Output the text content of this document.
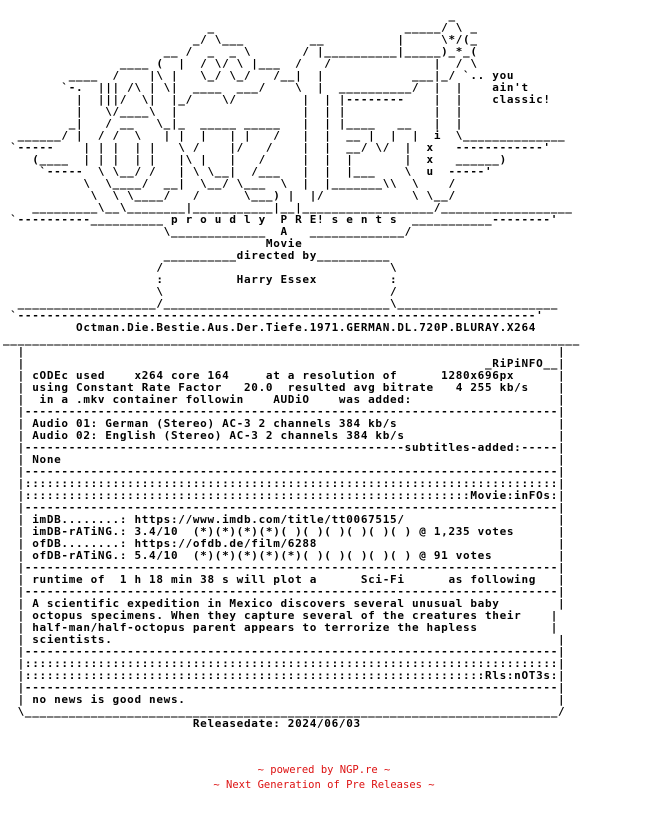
_
_                          _____/ \ _
_/ \___         __          |     \*/(_
__ /  _  _ \       / |__________|_____)_*_(
____ (  |  / \/ \ |___  /   /              |  / \
____  /    |\ |   \_/ \_/   /__|  |            ___|_/ `.. you
`-.  ||| /\ | \|  ____  ___/    \  |  __________/  |  |    ain't
|  |||/  \|  |_/    \/         |  | |--------    |  |    classic!
|   \/____\  |                 |  | |            |  |
_|   / __   \_|_  _____ _____   |  | |____   __   |  |
______/ |  / /  \   | |  |   | |   /   |  |  __ |  |  |  i  \______________
`-----    | | |  | |   \ /    |/   /    |  |  __/ \/  |  x   ------------'
(____  | | |  | |   |\ |   |   /     |  |  |       |  x   ______)
`-----  \ \__/ /   | \ \__|  /___   |  |  |___    \  u  -----'
\  \____/  __|  \__/ \___  \  |  |_______\\  \    /
\  \ \____/   /      \___) |  |/            \ \__/
_________\__\________|___________|__|__________________/__________________
`----------__________ p r o u d l y  P R E! s e n t s  ___________--------'
\_____________  A   _____________/
Movie
__________directed by__________
/                               \
:          Harry Essex          :
\                               /
___________________/_______________________________\______________________
`-----------------------------------------------------------------------'
Octman.Die.Bestie.Aus.Der.Tiefe.1971.GERMAN.DL.720P.BLURAY.X264
_______________________________________________________________________________
|                                                                         |
|                                                               _RiPiNFO__|
| cODEc used    x264 core 164     at a resolution of      1280x696px      |
| using Constant Rate Factor   20.0  resulted avg bitrate   4 255 kb/s    |
|  in a .mkv container followin    AUDiO    was added:                    |
|-------------------------------------------------------------------------|
| Audio 01: German (Stereo) AC-3 2 channels 384 kb/s                      |
| Audio 02: English (Stereo) AC-3 2 channels 384 kb/s                     |
|----------------------------------------------------subtitles-added:-----|
| None                                                                    |
|-------------------------------------------------------------------------|
|:::::::::::::::::::::::::::::::::::::::::::::::::::::::::::::::::::::::::|
|:::::::::::::::::::::::::::::::::::::::::::::::::::::::::::::Movie:inFOs:|
|-------------------------------------------------------------------------|
| imDB........: https://www.imdb.com/title/tt0067515/                     |
| imDB-rATiNG.: 3.4/10  (*)(*)(*)(*)( )( )( )( )( )( ) @ 1,235 votes      |
| ofDB........: https://ofdb.de/film/6288                                 |
| ofDB-rATiNG.: 5.4/10  (*)(*)(*)(*)(*)( )( )( )( )( ) @ 91 votes         |
|-------------------------------------------------------------------------|
| runtime of  1 h 18 min 38 s will plot a      Sci-Fi      as following   |
|-------------------------------------------------------------------------|
| A scientific expedition in Mexico discovers several unusual baby        |
| octopus specimens. When they capture several of the creatures their    |
| half-man/half-octopus parent appears to terrorize the hapless          |
| scientists.                                                             |
|-------------------------------------------------------------------------|
|:::::::::::::::::::::::::::::::::::::::::::::::::::::::::::::::::::::::::|
|:::::::::::::::::::::::::::::::::::::::::::::::::::::::::::::::Rls:nOT3s:|
|-------------------------------------------------------------------------|
| no news is good news.                                                   |
\_________________________________________________________________________/
Releasedate: 2024/06/03
~ powered by NGP.re ~
~ Next Generation of Pre Releases ~
